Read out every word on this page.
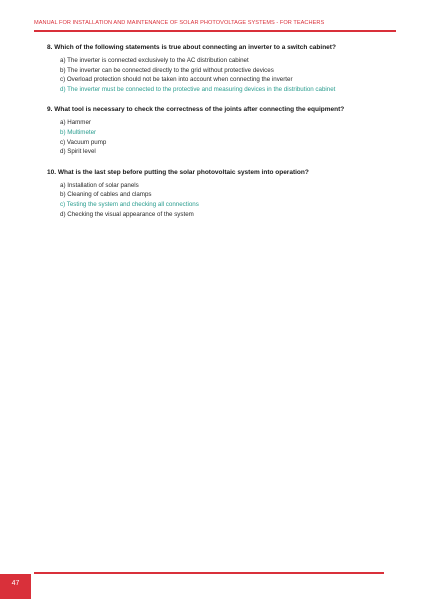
MANUAL FOR INSTALLATION AND MAINTENANCE OF SOLAR PHOTOVOLTAGE SYSTEMS - FOR TEACHERS

8. Which of the following statements is true about connecting an inverter to a switch cabinet?

a) The inverter is connected exclusively to the AC distribution cabinet
b) The inverter can be connected directly to the grid without protective devices
c) Overload protection should not be taken into account when connecting the inverter
d) The inverter must be connected to the protective and measuring devices in the distribution cabinet

9. What tool is necessary to check the correctness of the joints after connecting the equipment?

a) Hammer
b) Multimeter
c) Vacuum pump
d) Spirit level

10. What is the last step before putting the solar photovoltaic system into operation?

a) Installation of solar panels
b) Cleaning of cables and clamps
c) Testing the system and checking all connections
d) Checking the visual appearance of the system
47
